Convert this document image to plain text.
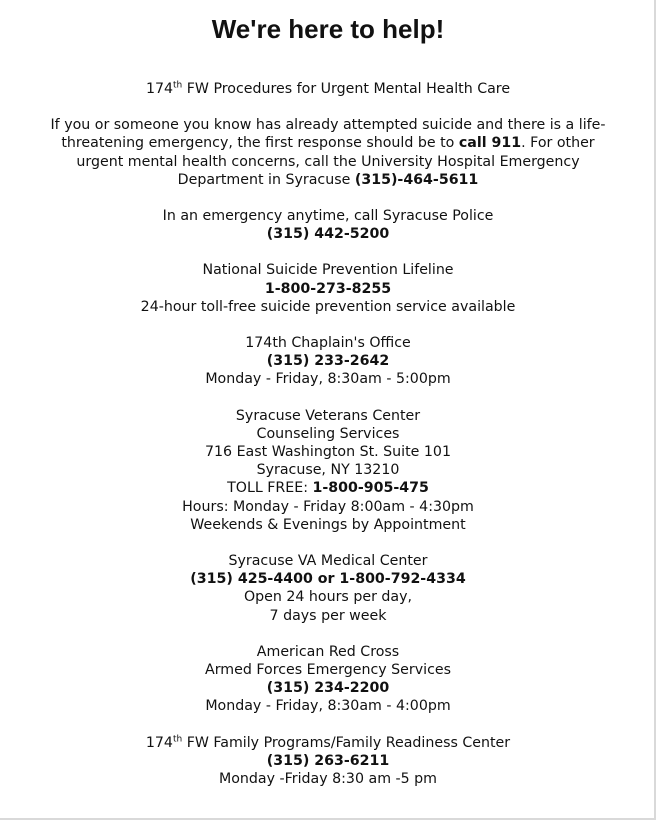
We're here to help!
174th FW Procedures for Urgent Mental Health Care
If you or someone you know has already attempted suicide and there is a life-threatening emergency, the first response should be to call 911. For other urgent mental health concerns, call the University Hospital Emergency Department in Syracuse (315)-464-5611
In an emergency anytime, call Syracuse Police
(315) 442-5200
National Suicide Prevention Lifeline
1-800-273-8255
24-hour toll-free suicide prevention service available
174th Chaplain's Office
(315) 233-2642
Monday - Friday, 8:30am - 5:00pm
Syracuse Veterans Center
Counseling Services
716 East Washington St. Suite 101
Syracuse, NY 13210
TOLL FREE: 1-800-905-475
Hours: Monday - Friday 8:00am - 4:30pm
Weekends & Evenings by Appointment
Syracuse VA Medical Center
(315) 425-4400 or 1-800-792-4334
Open 24 hours per day,
7 days per week
American Red Cross
Armed Forces Emergency Services
(315) 234-2200
Monday - Friday, 8:30am - 4:00pm
174th FW Family Programs/Family Readiness Center
(315) 263-6211
Monday -Friday 8:30 am -5 pm
